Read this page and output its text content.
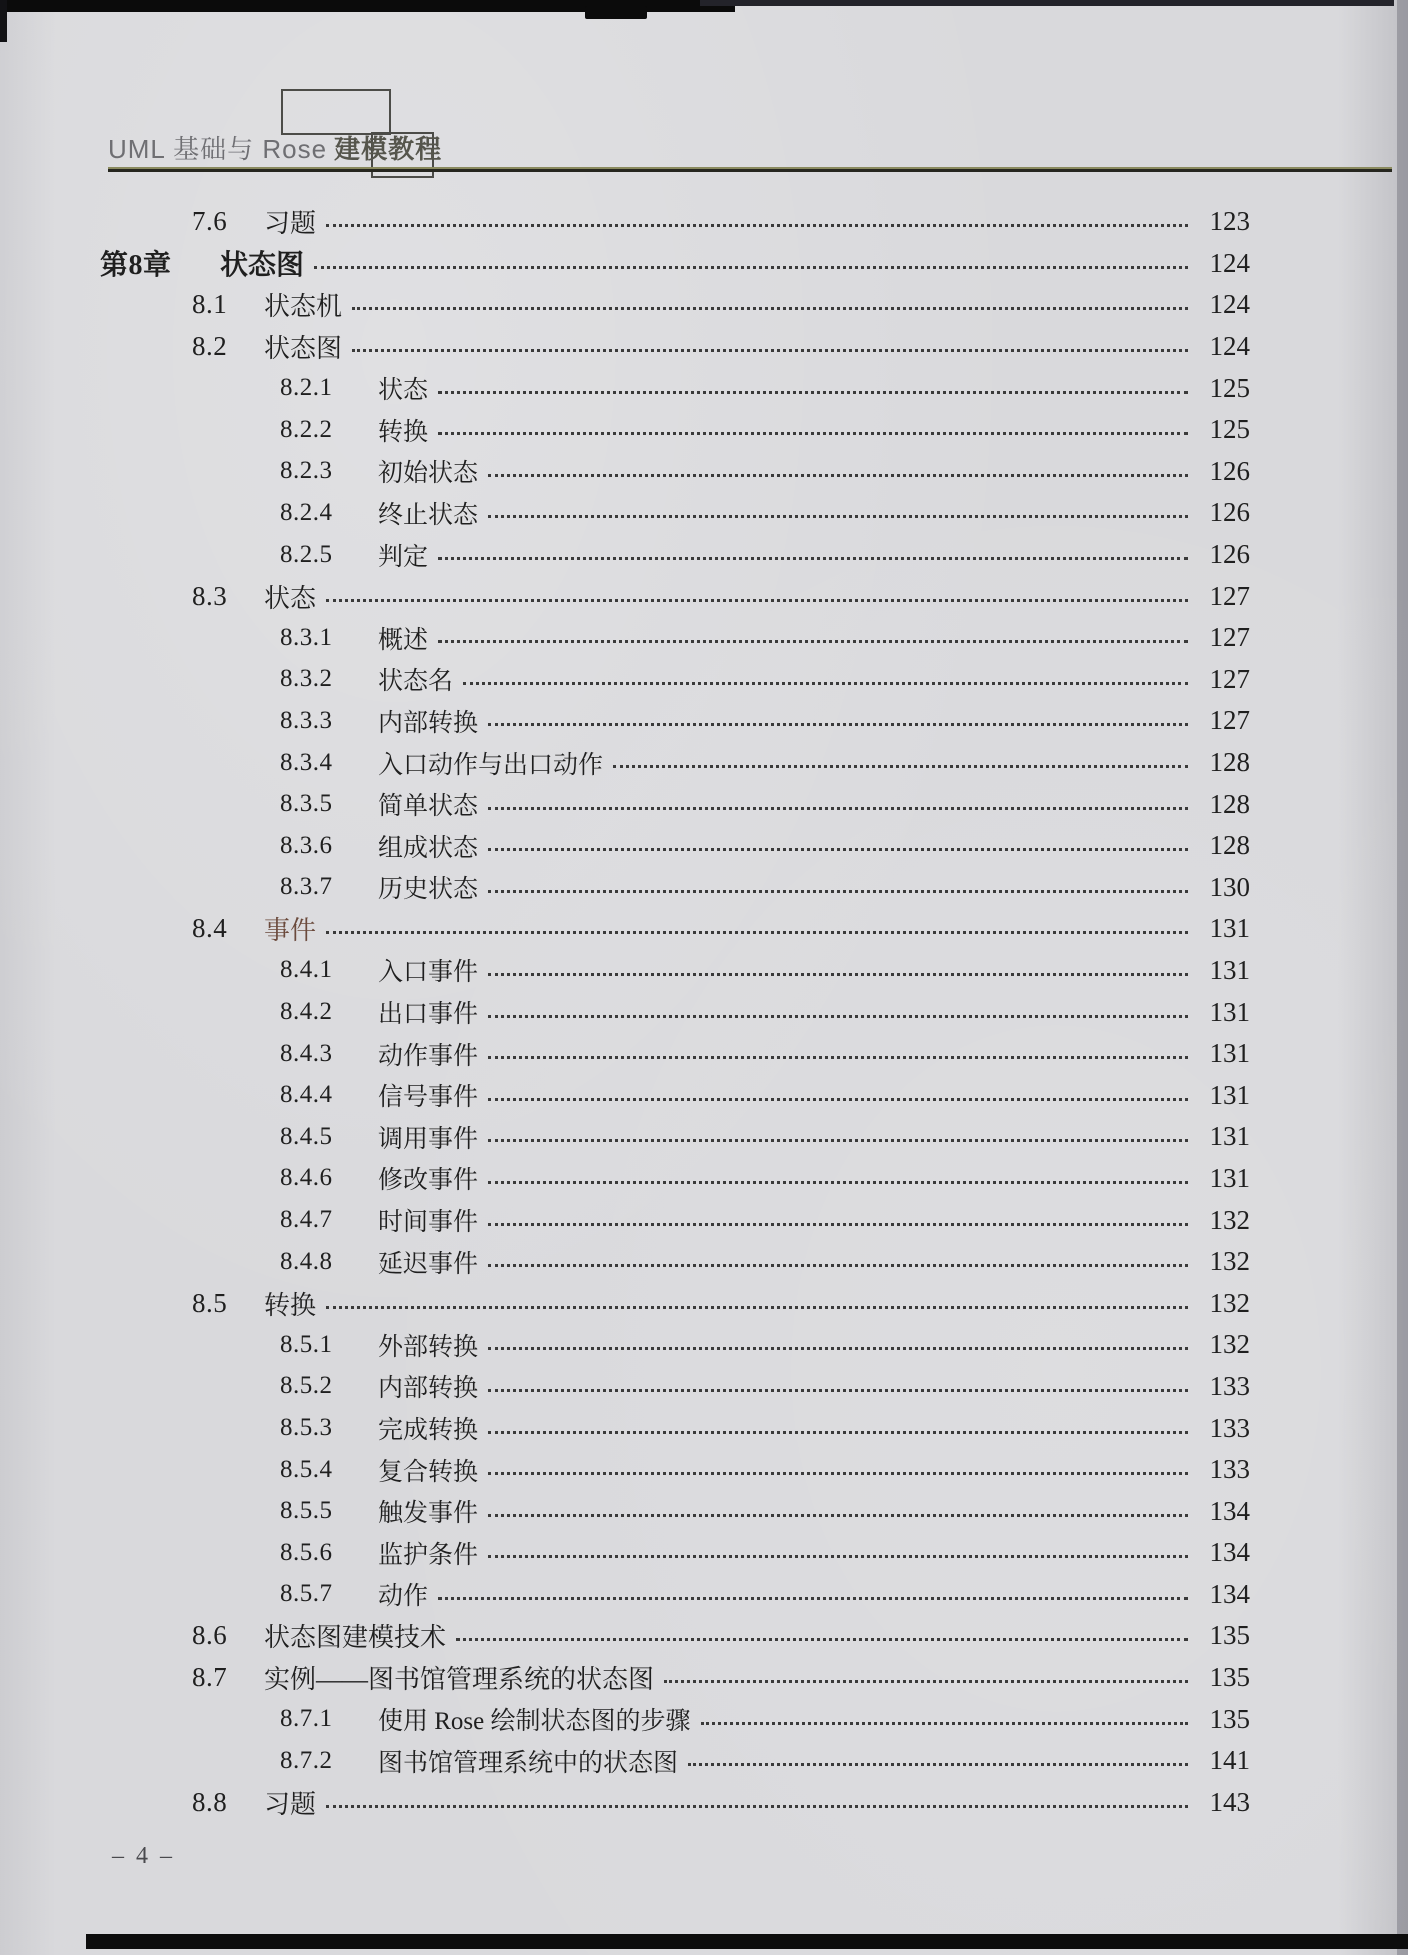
UML 基础与 Rose 建模教程
7.6	习题	123
第8章	状态图	124
8.1	状态机	124
8.2	状态图	124
8.2.1	状态	125
8.2.2	转换	125
8.2.3	初始状态	126
8.2.4	终止状态	126
8.2.5	判定	126
8.3	状态	127
8.3.1	概述	127
8.3.2	状态名	127
8.3.3	内部转换	127
8.3.4	入口动作与出口动作	128
8.3.5	简单状态	128
8.3.6	组成状态	128
8.3.7	历史状态	130
8.4	事件	131
8.4.1	入口事件	131
8.4.2	出口事件	131
8.4.3	动作事件	131
8.4.4	信号事件	131
8.4.5	调用事件	131
8.4.6	修改事件	131
8.4.7	时间事件	132
8.4.8	延迟事件	132
8.5	转换	132
8.5.1	外部转换	132
8.5.2	内部转换	133
8.5.3	完成转换	133
8.5.4	复合转换	133
8.5.5	触发事件	134
8.5.6	监护条件	134
8.5.7	动作	134
8.6	状态图建模技术	135
8.7	实例——图书馆管理系统的状态图	135
8.7.1	使用 Rose 绘制状态图的步骤	135
8.7.2	图书馆管理系统中的状态图	141
8.8	习题	143
– 4 –
